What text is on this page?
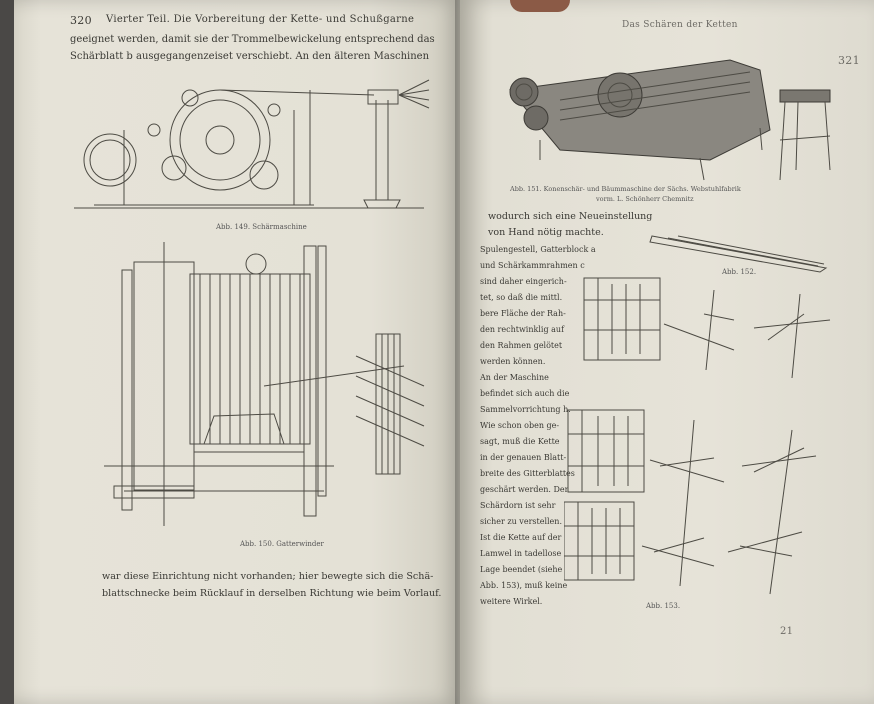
320 Vierter Teil. Die Vorbereitung der Kette- und Schußgarne
geeignet werden, damit sie der Trommelbewickelung entsprechend das
Schärblatt b ausgegangenzeiset verschiebt. An den älteren Maschinen
Abb. 149. Schärmaschine
Abb. 150. Gatterwinder
war diese Einrichtung nicht vorhanden; hier bewegte sich die Schä-
blattschnecke beim Rücklauf in derselben Richtung wie beim Vorlauf.
Das Schären der Ketten
321
Abb. 151. Konenschär- und Bäummaschine der Sächs. Webstuhlfabrik
vorm. L. Schönherr Chemnitz
wodurch sich eine Neueinstellung
von Hand nötig machte.
Abb. 152.
Spulengestell, Gatterblock a
und Schärkammrahmen c
sind daher eingerich-
tet, so daß die mittl.
bere Fläche der Rah-
den rechtwinklig auf
den Rahmen gelötet
werden können.
An der Maschine
befindet sich auch die
Sammelvorrichtung h.
Wie schon oben ge-
sagt, muß die Kette
in der genauen Blatt-
breite des Gitterblattes
geschärt werden. Der
Schärdorn ist sehr
sicher zu verstellen.
Ist die Kette auf der
Lamwel in tadellose
Lage beendet (siehe
Abb. 153), muß keine
weitere Wirkel.	Abb. 153.
21
